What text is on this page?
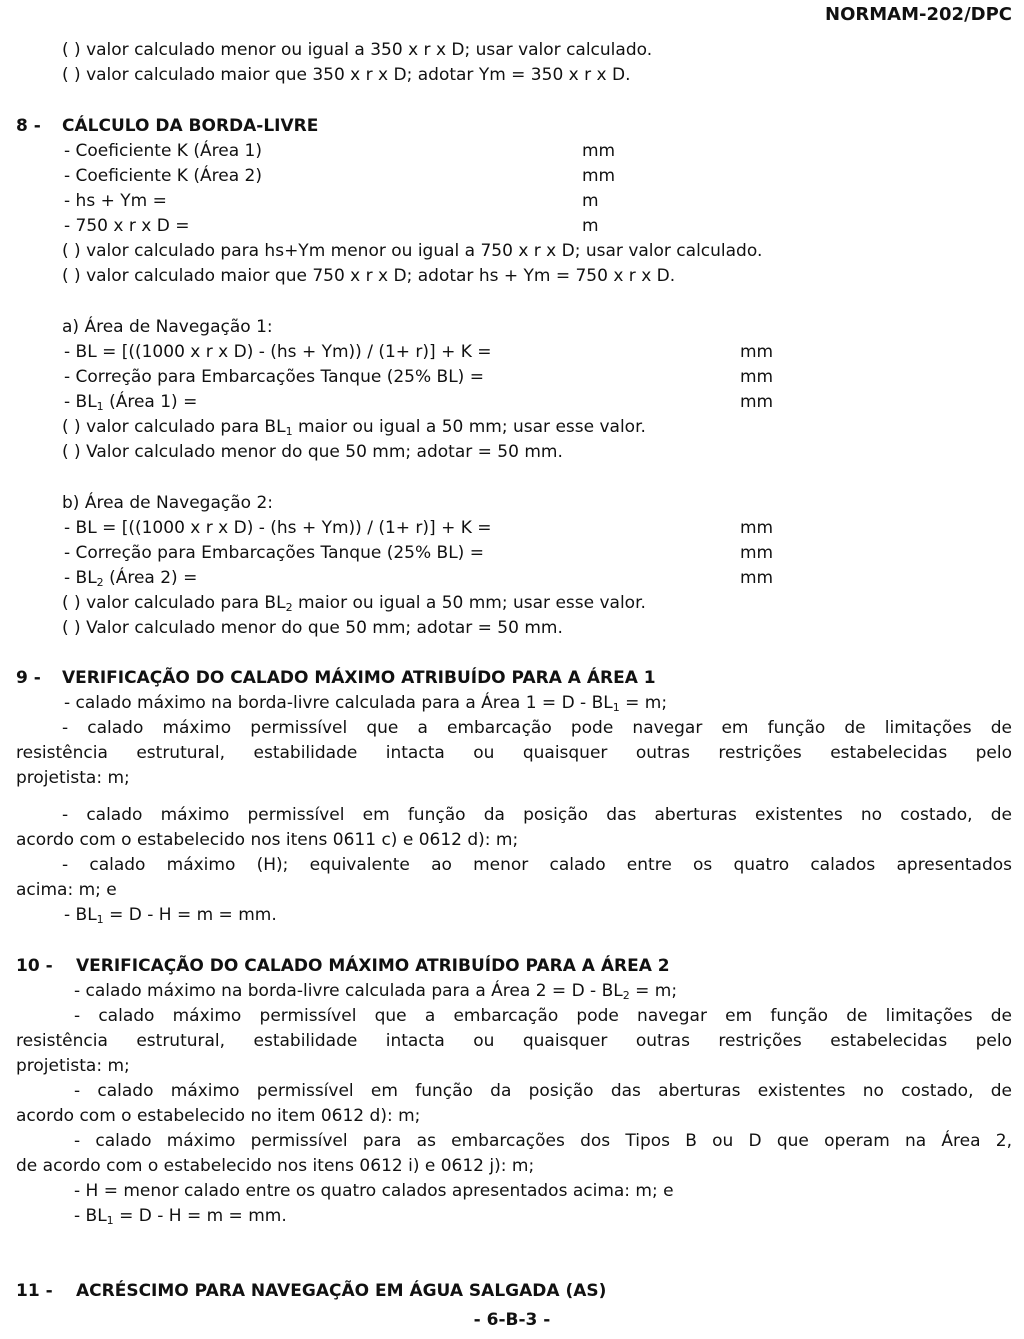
NORMAM-202/DPC
( ) valor calculado menor ou igual a 350 x r x D; usar valor calculado.
( ) valor calculado maior que 350 x r x D; adotar Ym = 350 x r x D.
8 - CÁLCULO DA BORDA-LIVRE
- Coeficiente K (Área 1)	mm
- Coeficiente K (Área 2)	mm
- hs + Ym =	m
- 750 x r x D =	m
( ) valor calculado para hs+Ym menor ou igual a 750 x r x D; usar valor calculado.
( ) valor calculado maior que 750 x r x D; adotar hs + Ym = 750 x r x D.
a) Área de Navegação 1:
- BL = [((1000 x r x D) - (hs + Ym)) / (1+ r)] + K =	mm
- Correção para Embarcações Tanque (25% BL) =	mm
- $BL_1$ (Área 1) =	mm
( ) valor calculado para $BL_1$ maior ou igual a 50 mm; usar esse valor.
( ) Valor calculado menor do que 50 mm; adotar = 50 mm.
b) Área de Navegação 2:
- BL = [((1000 x r x D) - (hs + Ym)) / (1+ r)] + K =	mm
- Correção para Embarcações Tanque (25% BL) =	mm
- $BL_2$ (Área 2) =	mm
( ) valor calculado para $BL_2$ maior ou igual a 50 mm; usar esse valor.
( ) Valor calculado menor do que 50 mm; adotar = 50 mm.
9 - VERIFICAÇÃO DO CALADO MÁXIMO ATRIBUÍDO PARA A ÁREA 1
- calado máximo na borda-livre calculada para a Área $1 = D - BL_1 = m$;
- calado máximo permissível que a embarcação pode navegar em função de limitações de
resistência estrutural, estabilidade intacta ou quaisquer outras restrições estabelecidas pelo
projetista: m;
- calado máximo permissível em função da posição das aberturas existentes no costado, de
acordo com o estabelecido nos itens 0611 c) e 0612 d): m;
- calado máximo (H); equivalente ao menor calado entre os quatro calados apresentados
acima: m; e
- $BL_1 = D - H = m$ = mm.
10 - VERIFICAÇÃO DO CALADO MÁXIMO ATRIBUÍDO PARA A ÁREA 2
- calado máximo na borda-livre calculada para a Área $2 = D - BL_2 = m$;
- calado máximo permissível que a embarcação pode navegar em função de limitações de
resistência estrutural, estabilidade intacta ou quaisquer outras restrições estabelecidas pelo
projetista: m;
- calado máximo permissível em função da posição das aberturas existentes no costado, de
acordo com o estabelecido no item 0612 d): m;
- calado máximo permissível para as embarcações dos Tipos B ou D que operam na Área 2,
de acordo com o estabelecido nos itens 0612 i) e 0612 j): m;
- H = menor calado entre os quatro calados apresentados acima: m; e
- $BL_1 = D - H = m$ = mm.
11 - ACRÉSCIMO PARA NAVEGAÇÃO EM ÁGUA SALGADA (AS)
- 6-B-3 -
